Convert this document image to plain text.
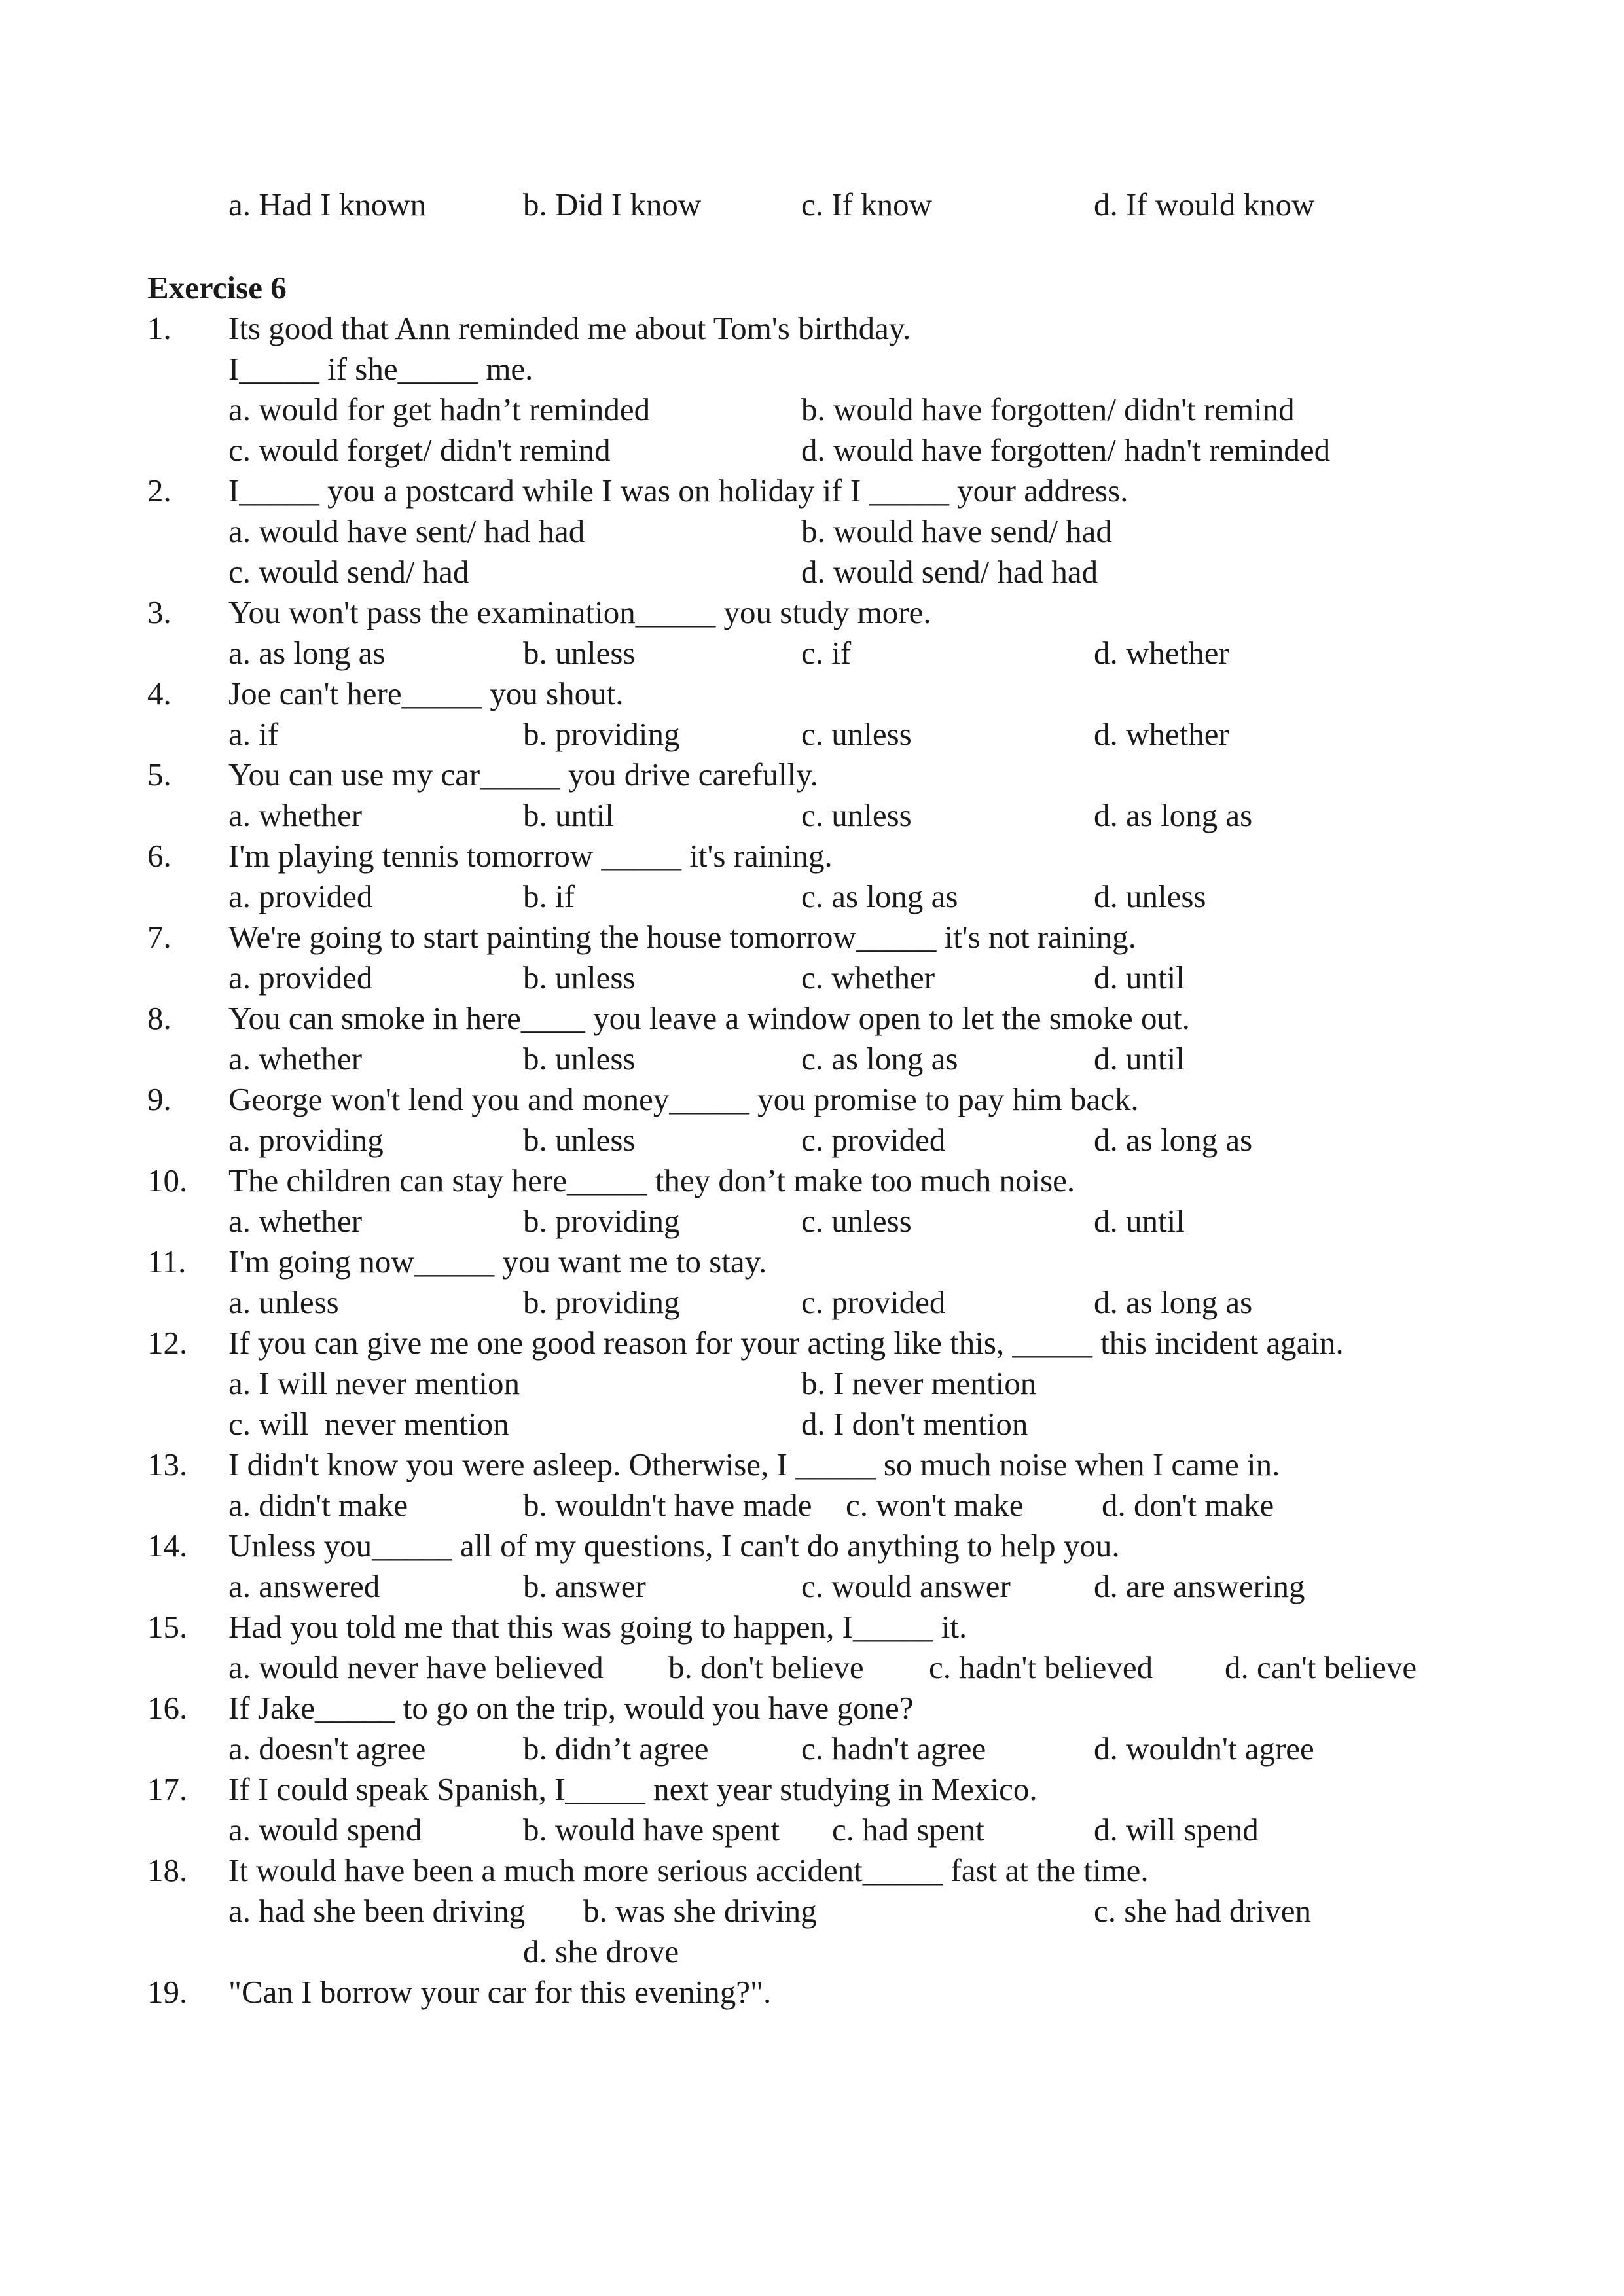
a. Had I known

	b. Did I know

	c. If know

	d. If would know

Exercise 6

1.

Its good that Ann reminded me about Tom's birthday.

I_____ if she_____ me.

a. would for get hadn’t reminded

	b. would have forgotten/ didn't remind

c. would forget/ didn't remind

	d. would have forgotten/ hadn't reminded

2.

I_____ you a postcard while I was on holiday if I _____ your address.

a. would have sent/ had had

	b. would have send/ had

c. would send/ had

	d. would send/ had had

3.

You won't pass the examination_____ you study more.

a. as long as

	b. unless

	c. if

	d. whether

4.

Joe can't here_____ you shout.

a. if

	b. providing

	c. unless

	d. whether

5.

You can use my car_____ you drive carefully.

a. whether

	b. until

	c. unless

	d. as long as

6.

I'm playing tennis tomorrow _____ it's raining.

a. provided

	b. if

	c. as long as

	d. unless

7.

We're going to start painting the house tomorrow_____ it's not raining.

a. provided

	b. unless

	c. whether

	d. until

8.

You can smoke in here____ you leave a window open to let the smoke out.

a. whether

	b. unless

	c. as long as

	d. until

9.

George won't lend you and money_____ you promise to pay him back.

a. providing

	b. unless

	c. provided

	d. as long as

10.

The children can stay here_____ they don’t make too much noise.

a. whether

	b. providing

	c. unless

	d. until

11.

I'm going now_____ you want me to stay.

a. unless

	b. providing

	c. provided

	d. as long as

12.

If you can give me one good reason for your acting like this, _____ this incident again.

a. I will never mention

	b. I never mention

c. will  never mention

	d. I don't mention

13.

I didn't know you were asleep. Otherwise, I _____ so much noise when I came in.

a. didn't make

	b. wouldn't have made

c. won't make

d. don't make

14.

Unless you_____ all of my questions, I can't do anything to help you.

a. answered

	b. answer

	c. would answer

	d. are answering

15.

Had you told me that this was going to happen, I_____ it.

a. would never have believed

b. don't believe

c. hadn't believed

d. can't believe

16.

If Jake_____ to go on the trip, would you have gone?

a. doesn't agree

	b. didn’t agree

	c. hadn't agree

	d. wouldn't agree

17.

If I could speak Spanish, I_____ next year studying in Mexico.

a. would spend

	b. would have spent

c. had spent

	d. will spend

18.

It would have been a much more serious accident_____ fast at the time.

a. had she been driving

b. was she driving

	c. she had driven

d. she drove

19.

"Can I borrow your car for this evening?".
